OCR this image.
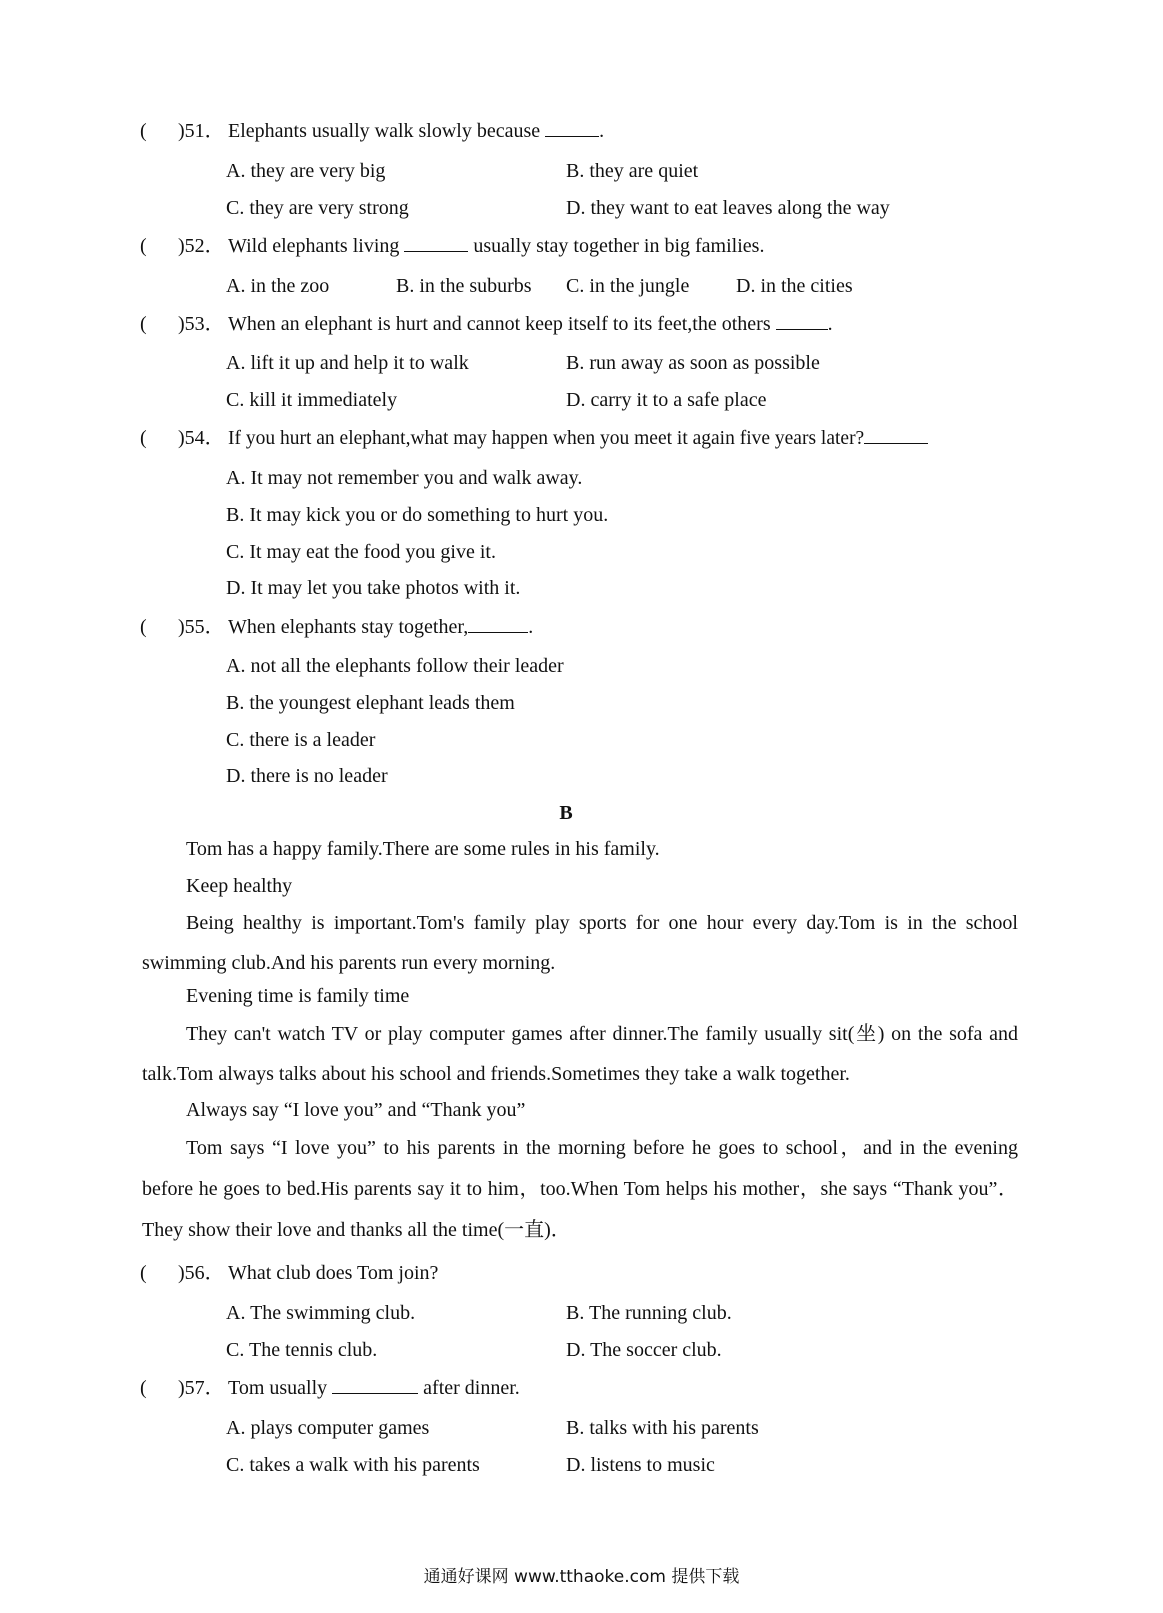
( )51． Elephants usually walk slowly because	.
A. they are very big	B. they are quiet
C. they are very strong	D. they want to eat leaves along the way
( )52． Wild elephants living	usually stay together in big families.
A. in the zoo	B. in the suburbs C. in the jungle D. in the cities
( )53． When an elephant is hurt and cannot keep itself to its feet,the others	.
A. lift it up and help it to walk	B. run away as soon as possible
C. kill it immediately	D. carry it to a safe place
( )54． If you hurt an elephant,what may happen when you meet it again five years later?
A. It may not remember you and walk away.
B. It may kick you or do something to hurt you.
C. It may eat the food you give it.
D. It may let you take photos with it.
( )55． When elephants stay together,	.
A. not all the elephants follow their leader
B. the youngest elephant leads them
C. there is a leader
D. there is no leader
B
Tom has a happy family.There are some rules in his family.
Keep healthy
Being healthy is important.Tom's family play sports for one hour every day.Tom is in the school swimming club.And his parents run every morning.
Evening time is family time
They can't watch TV or play computer games after dinner.The family usually sit(坐) on the sofa and talk.Tom always talks about his school and friends.Sometimes they take a walk together.
Always say “I love you” and “Thank you”
Tom says “I love you” to his parents in the morning before he goes to school，and in the evening before he goes to bed.His parents say it to him，too.When Tom helps his mother，she says “Thank you”．They show their love and thanks all the time(一直)．
( )56． What club does Tom join?
A. The swimming club.	B. The running club.
C. The tennis club.	D. The soccer club.
( )57． Tom usually	after dinner.
A. plays computer games	B. talks with his parents
C. takes a walk with his parents	D. listens to music
通通好课网 www.tthaoke.com 提供下载
